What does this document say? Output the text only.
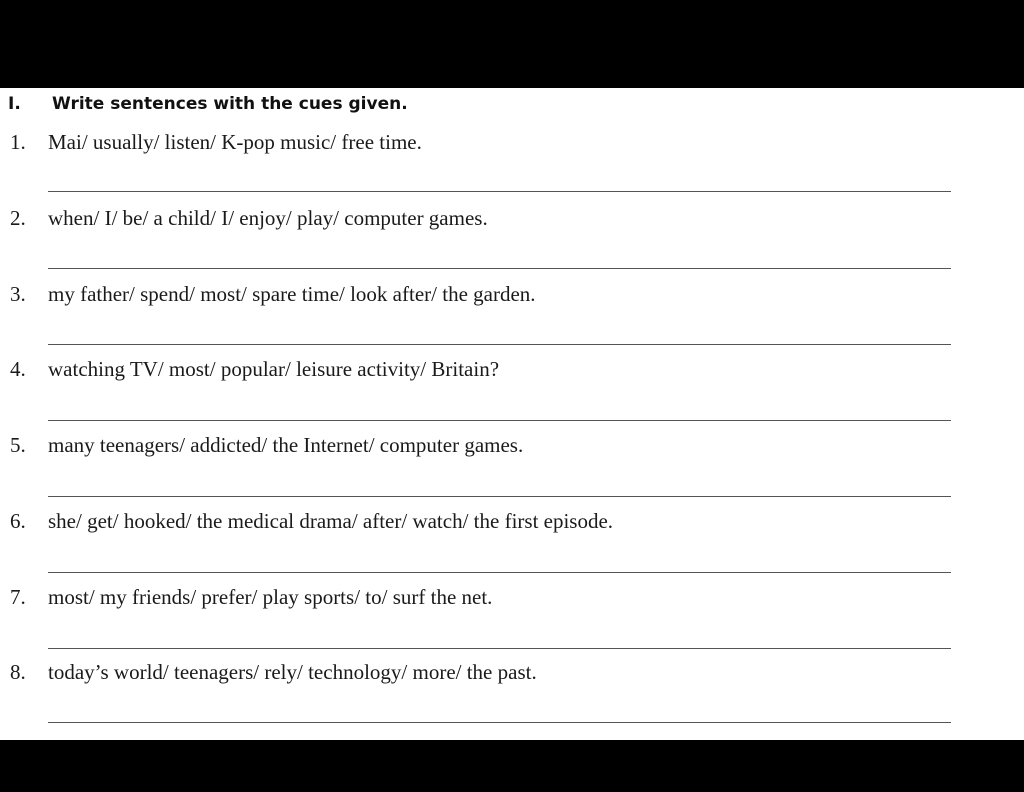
I. Write sentences with the cues given.
1. Mai/ usually/ listen/ K-pop music/ free time.
2. when/ I/ be/ a child/ I/ enjoy/ play/ computer games.
3. my father/ spend/ most/ spare time/ look after/ the garden.
4. watching TV/ most/ popular/ leisure activity/ Britain?
5. many teenagers/ addicted/ the Internet/ computer games.
6. she/ get/ hooked/ the medical drama/ after/ watch/ the first episode.
7. most/ my friends/ prefer/ play sports/ to/ surf the net.
8. today’s world/ teenagers/ rely/ technology/ more/ the past.
